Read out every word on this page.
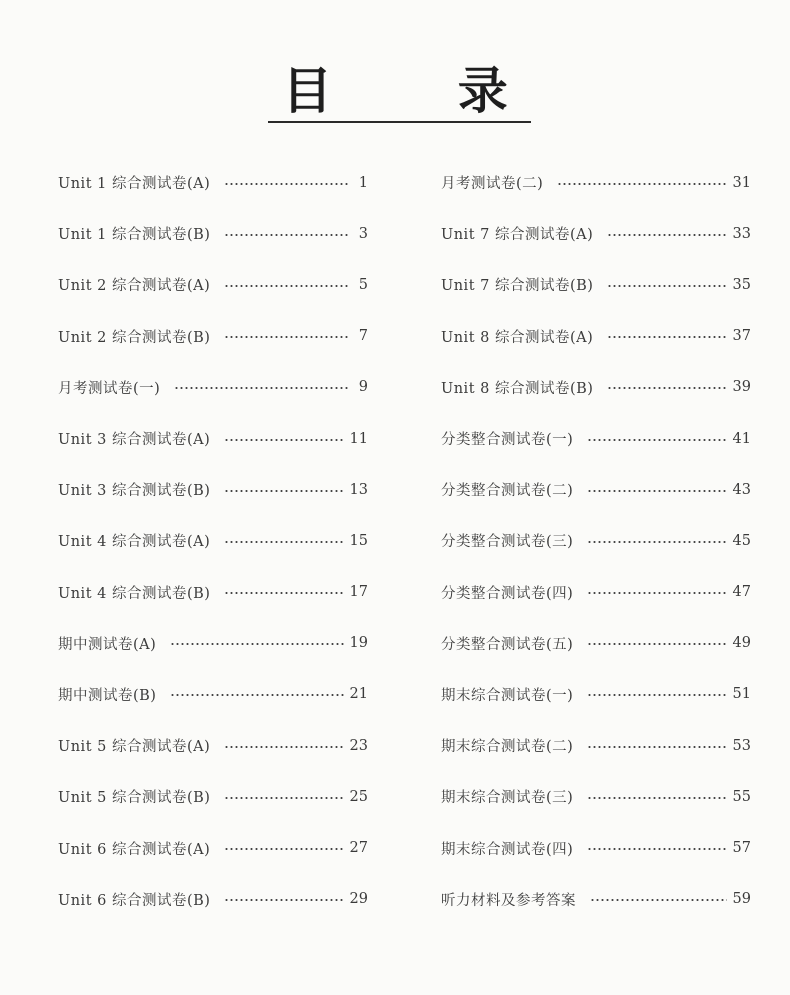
目 录
Unit 1 综合测试卷(A)	1
Unit 1 综合测试卷(B)	3
Unit 2 综合测试卷(A)	5
Unit 2 综合测试卷(B)	7
月考测试卷(一)	9
Unit 3 综合测试卷(A)	11
Unit 3 综合测试卷(B)	13
Unit 4 综合测试卷(A)	15
Unit 4 综合测试卷(B)	17
期中测试卷(A)	19
期中测试卷(B)	21
Unit 5 综合测试卷(A)	23
Unit 5 综合测试卷(B)	25
Unit 6 综合测试卷(A)	27
Unit 6 综合测试卷(B)	29
月考测试卷(二)	31
Unit 7 综合测试卷(A)	33
Unit 7 综合测试卷(B)	35
Unit 8 综合测试卷(A)	37
Unit 8 综合测试卷(B)	39
分类整合测试卷(一)	41
分类整合测试卷(二)	43
分类整合测试卷(三)	45
分类整合测试卷(四)	47
分类整合测试卷(五)	49
期末综合测试卷(一)	51
期末综合测试卷(二)	53
期末综合测试卷(三)	55
期末综合测试卷(四)	57
听力材料及参考答案	59
